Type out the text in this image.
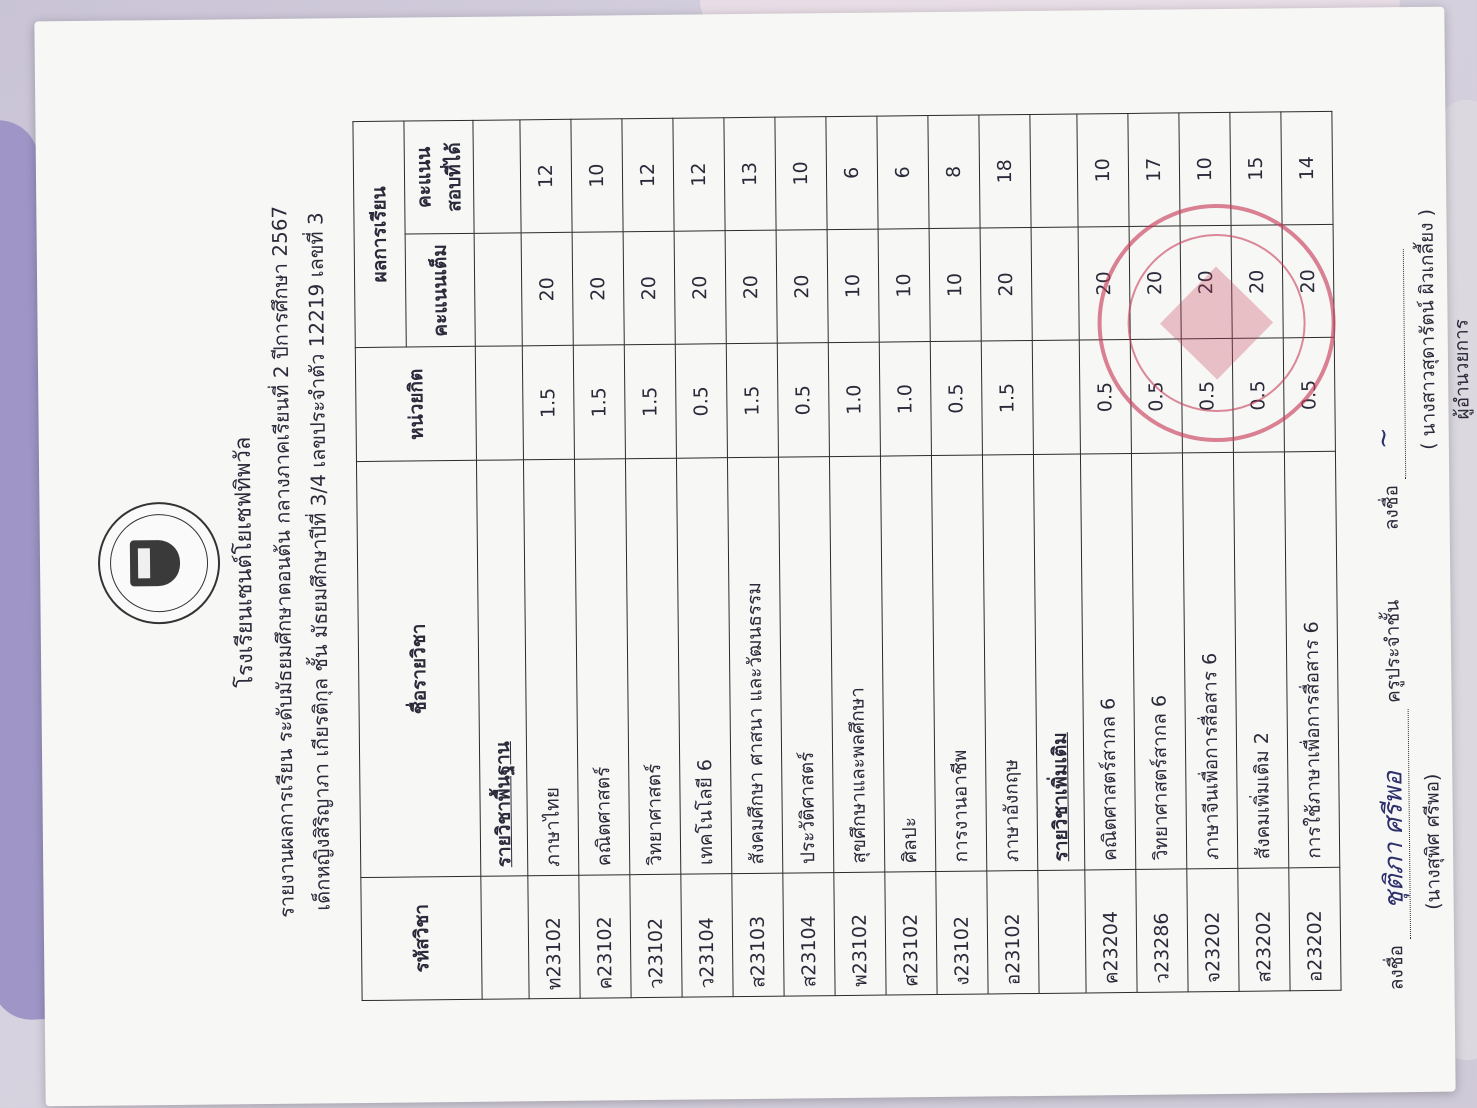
โรงเรียนเซนต์โยเซฟทิพวัล รายงานผลการเรียน ระดับมัธยมศึกษาตอนต้น กลางภาคเรียนที่ 2 ปีการศึกษา 2567 เด็กหญิงสิริญาภา เกียรติกุล ชั้น มัธยมศึกษาปีที่ 3/4 เลขประจำตัว 12219 เลขที่ 3
รหัสวิชา	ชื่อรายวิชา	หน่วยกิต	ผลการเรียน	
			คะแนนเต็ม	คะแนนสอบที่ได้
	รายวิชาพื้นฐาน			
ท23102	ภาษาไทย	1.5	20	12
ค23102	คณิตศาสตร์	1.5	20	10
ว23102	วิทยาศาสตร์	1.5	20	12
ว23104	เทคโนโลยี 6	0.5	20	12
ส23103	สังคมศึกษา ศาสนา และวัฒนธรรม	1.5	20	13
ส23104	ประวัติศาสตร์	0.5	20	10
พ23102	สุขศึกษาและพลศึกษา	1.0	10	6
ศ23102	ศิลปะ	1.0	10	6
ง23102	การงานอาชีพ	0.5	10	8
อ23102	ภาษาอังกฤษ	1.5	20	18
	รายวิชาเพิ่มเติม			
ค23204	คณิตศาสตร์สากล 6	0.5	20	10
ว23286	วิทยาศาสตร์สากล 6	0.5	20	17
จ23202	ภาษาจีนเพื่อการสื่อสาร 6	0.5	20	10
ส23202	สังคมเพิ่มเติม 2	0.5	20	15
อ23202	การใช้ภาษาเพื่อการสื่อสาร 6	0.5	20	14
ลงชื่อ
ชุติภา ศรีพอ
ครูประจำชั้น
(นางสุพิศ ศรีพอ)
ลงชื่อ
~ ( นางสาวสุดารัตน์ ผิวเกลี้ยง ) ผู้อำนวยการ
